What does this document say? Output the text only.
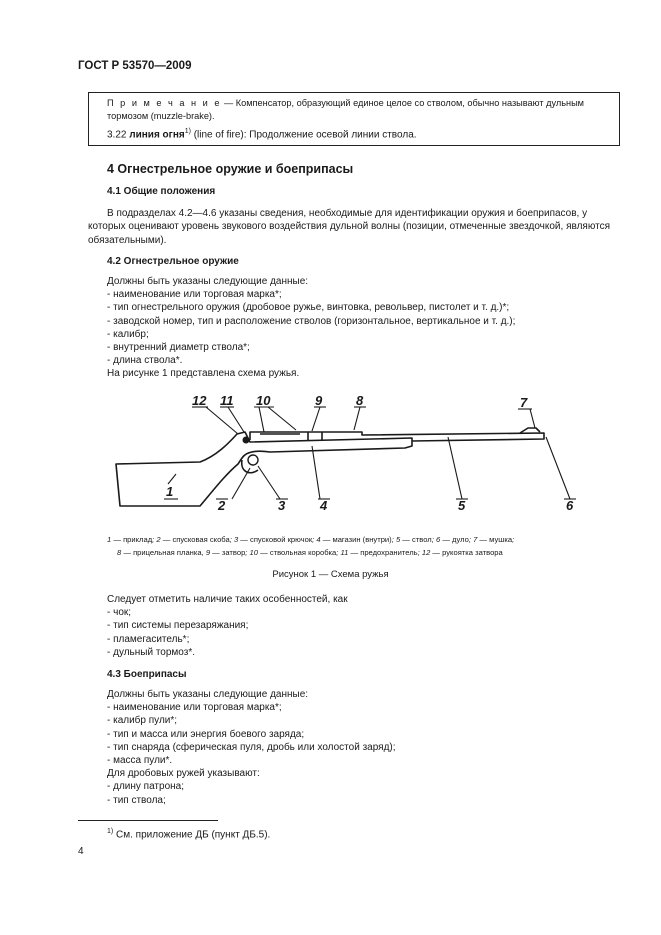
ГОСТ Р 53570—2009
П р и м е ч а н и е — Компенсатор, образующий единое целое со стволом, обычно называют дульным тормозом (muzzle-brake).
3.22 линия огня$^{1)}$ (line of fire): Продолжение осевой линии ствола.
4 Огнестрельное оружие и боеприпасы
4.1 Общие положения
В подразделах 4.2—4.6 указаны сведения, необходимые для идентификации оружия и боеприпасов, у которых оценивают уровень звукового воздействия дульной волны (позиции, отмеченные звездочкой, являются обязательными).
4.2 Огнестрельное оружие
Должны быть указаны следующие данные:
- наименование или торговая марка*;
- тип огнестрельного оружия (дробовое ружье, винтовка, револьвер, пистолет и т. д.)*;
- заводской номер, тип и расположение стволов (горизонтальное, вертикальное и т. д.);
- калибр;
- внутренний диаметр ствола*;
- длина ствола*.
На рисунке 1 представлена схема ружья.
12 11 10	9	8	7
1
2	3	4	5	6
1 — приклад; 2 — спусковая скоба; 3 — спусковой крючок; 4 — магазин (внутри); 5 — ствол; 6 — дуло; 7 — мушка;
8 — прицельная планка, 9 — затвор; 10 — ствольная коробка; 11 — предохранитель; 12 — рукоятка затвора
Рисунок 1 — Схема ружья
Следует отметить наличие таких особенностей, как
- чок;
- тип системы перезаряжания;
- пламегаситель*;
- дульный тормоз*.
4.3 Боеприпасы
Должны быть указаны следующие данные:
- наименование или торговая марка*;
- калибр пули*;
- тип и масса или энергия боевого заряда;
- тип снаряда (сферическая пуля, дробь или холостой заряд);
- масса пули*.
Для дробовых ружей указывают:
- длину патрона;
- тип ствола;
$^{1)}$ См. приложение ДБ (пункт ДБ.5).
4
